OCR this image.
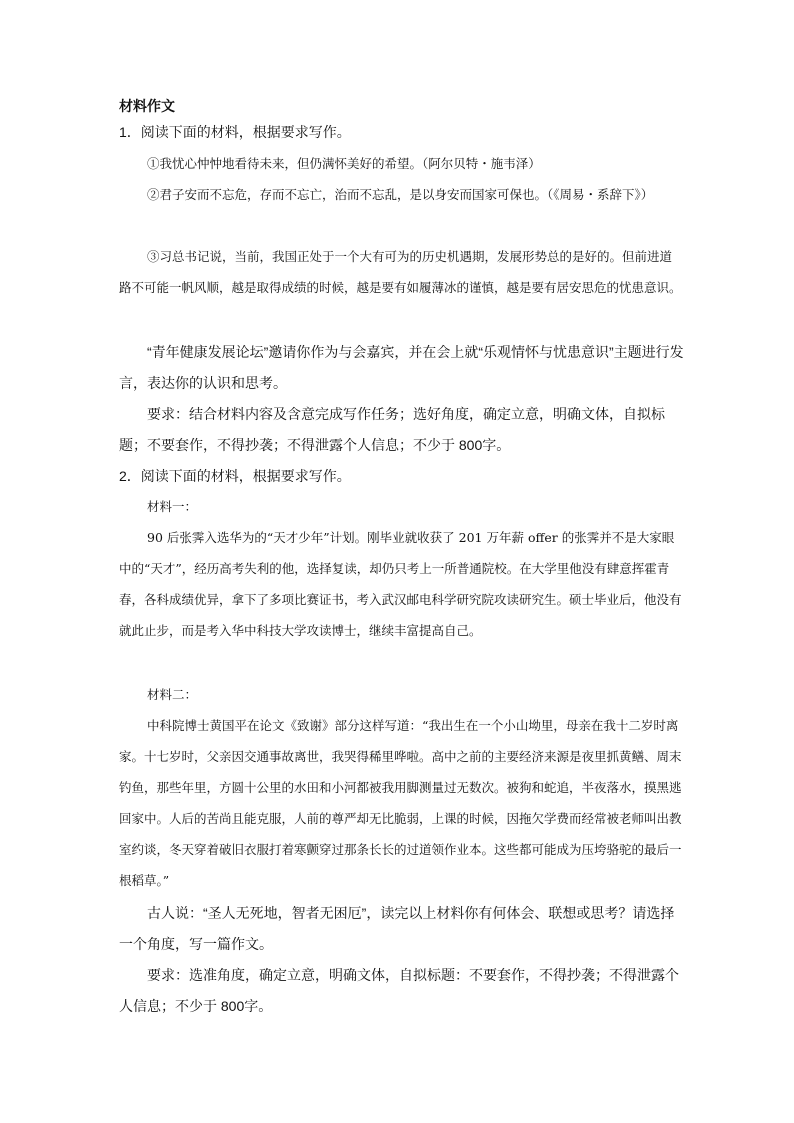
材料作文
1．阅读下面的材料，根据要求写作。
①我忧心忡忡地看待未来，但仍满怀美好的希望。（阿尔贝特・施韦泽）
②君子安而不忘危，存而不忘亡，治而不忘乱，是以身安而国家可保也。（《周易・系辞下》）
③习总书记说，当前，我国正处于一个大有可为的历史机遇期，发展形势总的是好的。但前进道路不可能一帆风顺，越是取得成绩的时候，越是要有如履薄冰的谨慎，越是要有居安思危的忧患意识。
“青年健康发展论坛”邀请你作为与会嘉宾，并在会上就“乐观情怀与忧患意识”主题进行发言，表达你的认识和思考。
要求：结合材料内容及含意完成写作任务；选好角度，确定立意，明确文体，自拟标题；不要套作，不得抄袭；不得泄露个人信息；不少于 800字。
2．阅读下面的材料，根据要求写作。
材料一：
90 后张霁入选华为的“天才少年”计划。刚毕业就收获了 201 万年薪 offer 的张霁并不是大家眼中的“天才”，经历高考失利的他，选择复读，却仍只考上一所普通院校。在大学里他没有肆意挥霍青春，各科成绩优异，拿下了多项比赛证书，考入武汉邮电科学研究院攻读研究生。硕士毕业后，他没有就此止步，而是考入华中科技大学攻读博士，继续丰富提高自己。
材料二：
中科院博士黄国平在论文《致谢》部分这样写道：“我出生在一个小山坳里，母亲在我十二岁时离家。十七岁时，父亲因交通事故离世，我哭得稀里哗啦。高中之前的主要经济来源是夜里抓黄鳝、周末钓鱼，那些年里，方圆十公里的水田和小河都被我用脚测量过无数次。被狗和蛇追，半夜落水，摸黑逃回家中。人后的苦尚且能克服，人前的尊严却无比脆弱，上课的时候，因拖欠学费而经常被老师叫出教室约谈，冬天穿着破旧衣服打着寒颤穿过那条长长的过道领作业本。这些都可能成为压垮骆驼的最后一根稻草。”
古人说：“圣人无死地，智者无困厄”，读完以上材料你有何体会、联想或思考？请选择一个角度，写一篇作文。
要求：选准角度，确定立意，明确文体，自拟标题：不要套作，不得抄袭；不得泄露个人信息；不少于 800字。
